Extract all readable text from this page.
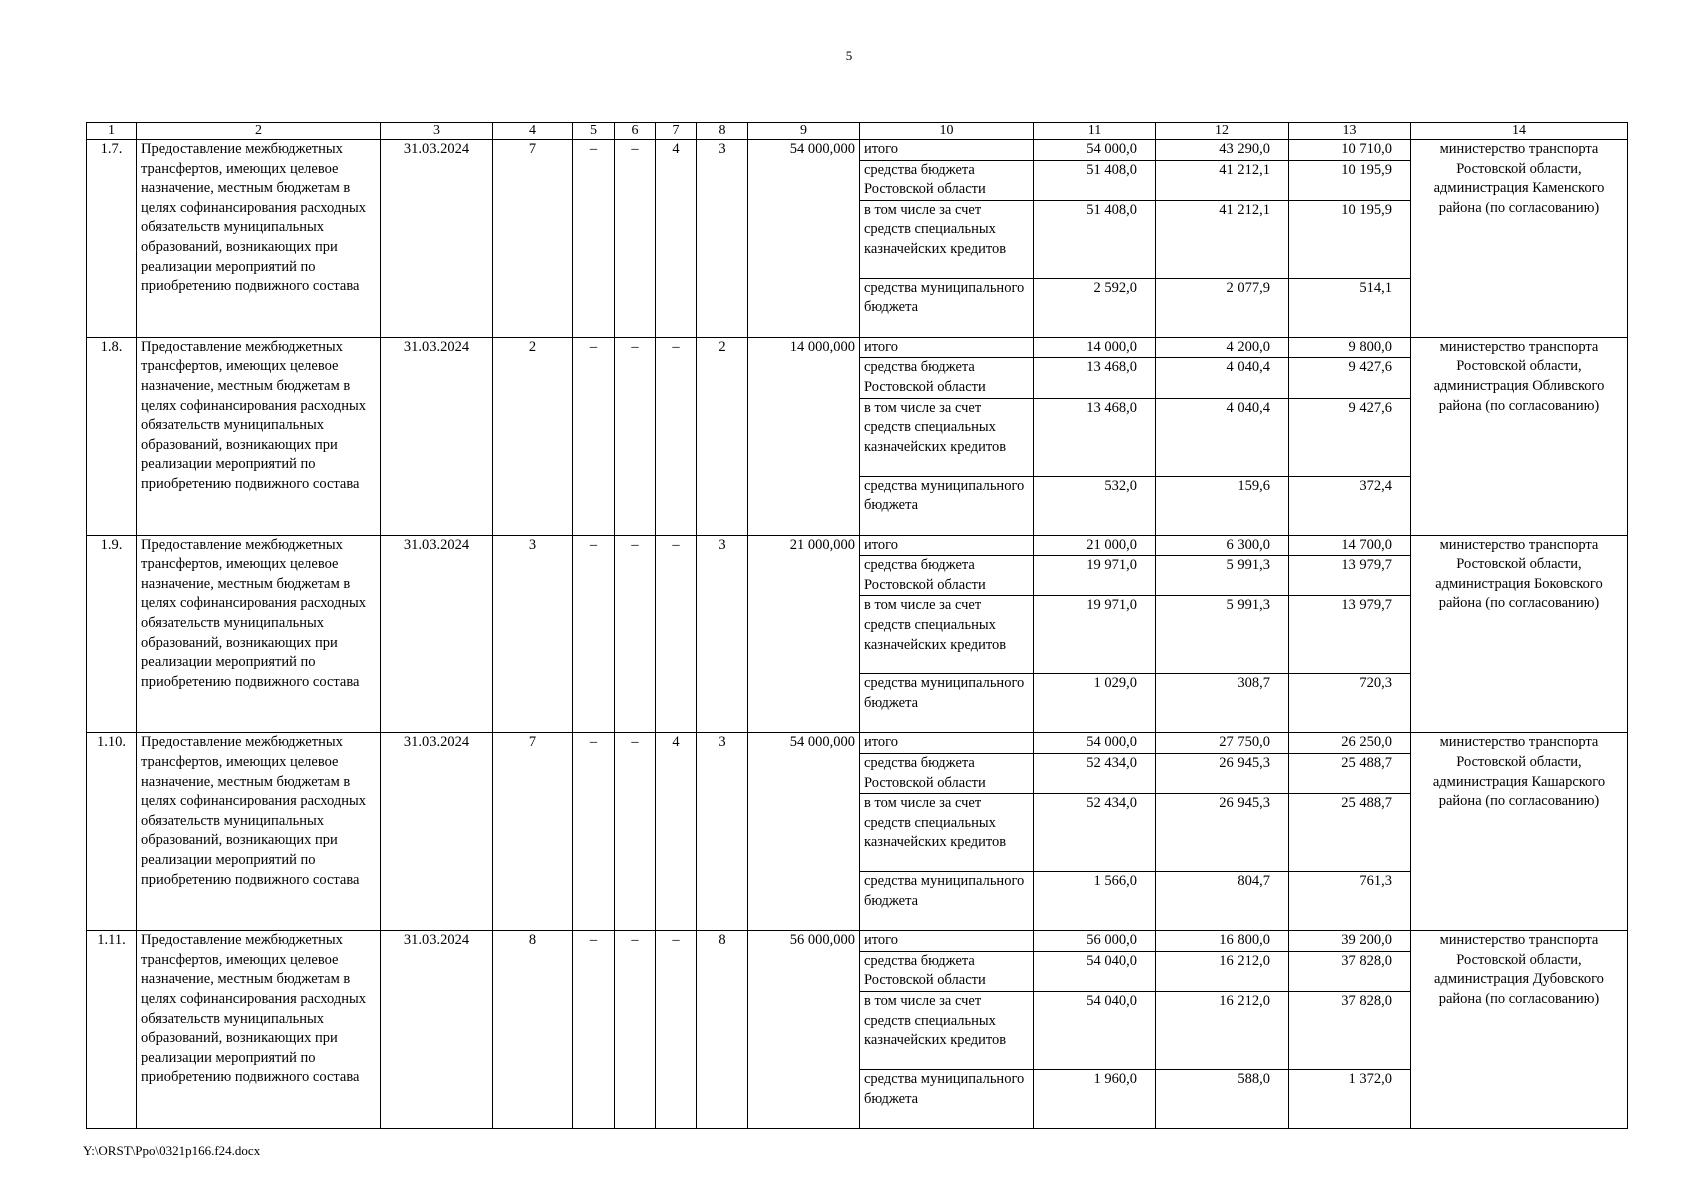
5
1	2	3	4	5	6	7	8	9	10	11	12	13	14
1.7.	Предоставление межбюджетных трансфертов, имеющих целевое назначение, местным бюджетам в целях софинансирования расходных обязательств муниципальных образований, возникающих при реализации мероприятий по приобретению подвижного состава	31.03.2024	7	–	–	4	3	54 000,000	итого	54 000,0	43 290,0	10 710,0	министерство транспорта Ростовской области, администрация Каменского района (по согласованию)
									средства бюджета Ростовской области	51 408,0	41 212,1	10 195,9	
									в том числе за счет средств специальных казначейских кредитов	51 408,0	41 212,1	10 195,9	
									средства муниципального бюджета	2 592,0	2 077,9	514,1	
1.8.	Предоставление межбюджетных трансфертов, имеющих целевое назначение, местным бюджетам в целях софинансирования расходных обязательств муниципальных образований, возникающих при реализации мероприятий по приобретению подвижного состава	31.03.2024	2	–	–	–	2	14 000,000	итого	14 000,0	4 200,0	9 800,0	министерство транспорта Ростовской области, администрация Обливского района (по согласованию)
									средства бюджета Ростовской области	13 468,0	4 040,4	9 427,6	
									в том числе за счет средств специальных казначейских кредитов	13 468,0	4 040,4	9 427,6	
									средства муниципального бюджета	532,0	159,6	372,4	
1.9.	Предоставление межбюджетных трансфертов, имеющих целевое назначение, местным бюджетам в целях софинансирования расходных обязательств муниципальных образований, возникающих при реализации мероприятий по приобретению подвижного состава	31.03.2024	3	–	–	–	3	21 000,000	итого	21 000,0	6 300,0	14 700,0	министерство транспорта Ростовской области, администрация Боковского района (по согласованию)
									средства бюджета Ростовской области	19 971,0	5 991,3	13 979,7	
									в том числе за счет средств специальных казначейских кредитов	19 971,0	5 991,3	13 979,7	
									средства муниципального бюджета	1 029,0	308,7	720,3	
1.10.	Предоставление межбюджетных трансфертов, имеющих целевое назначение, местным бюджетам в целях софинансирования расходных обязательств муниципальных образований, возникающих при реализации мероприятий по приобретению подвижного состава	31.03.2024	7	–	–	4	3	54 000,000	итого	54 000,0	27 750,0	26 250,0	министерство транспорта Ростовской области, администрация Кашарского района (по согласованию)
									средства бюджета Ростовской области	52 434,0	26 945,3	25 488,7	
									в том числе за счет средств специальных казначейских кредитов	52 434,0	26 945,3	25 488,7	
									средства муниципального бюджета	1 566,0	804,7	761,3	
1.11.	Предоставление межбюджетных трансфертов, имеющих целевое назначение, местным бюджетам в целях софинансирования расходных обязательств муниципальных образований, возникающих при реализации мероприятий по приобретению подвижного состава	31.03.2024	8	–	–	–	8	56 000,000	итого	56 000,0	16 800,0	39 200,0	министерство транспорта Ростовской области, администрация Дубовского района (по согласованию)
									средства бюджета Ростовской области	54 040,0	16 212,0	37 828,0	
									в том числе за счет средств специальных казначейских кредитов	54 040,0	16 212,0	37 828,0	
									средства муниципального бюджета	1 960,0	588,0	1 372,0	
Y:\ORST\Ppo\0321p166.f24.docx
